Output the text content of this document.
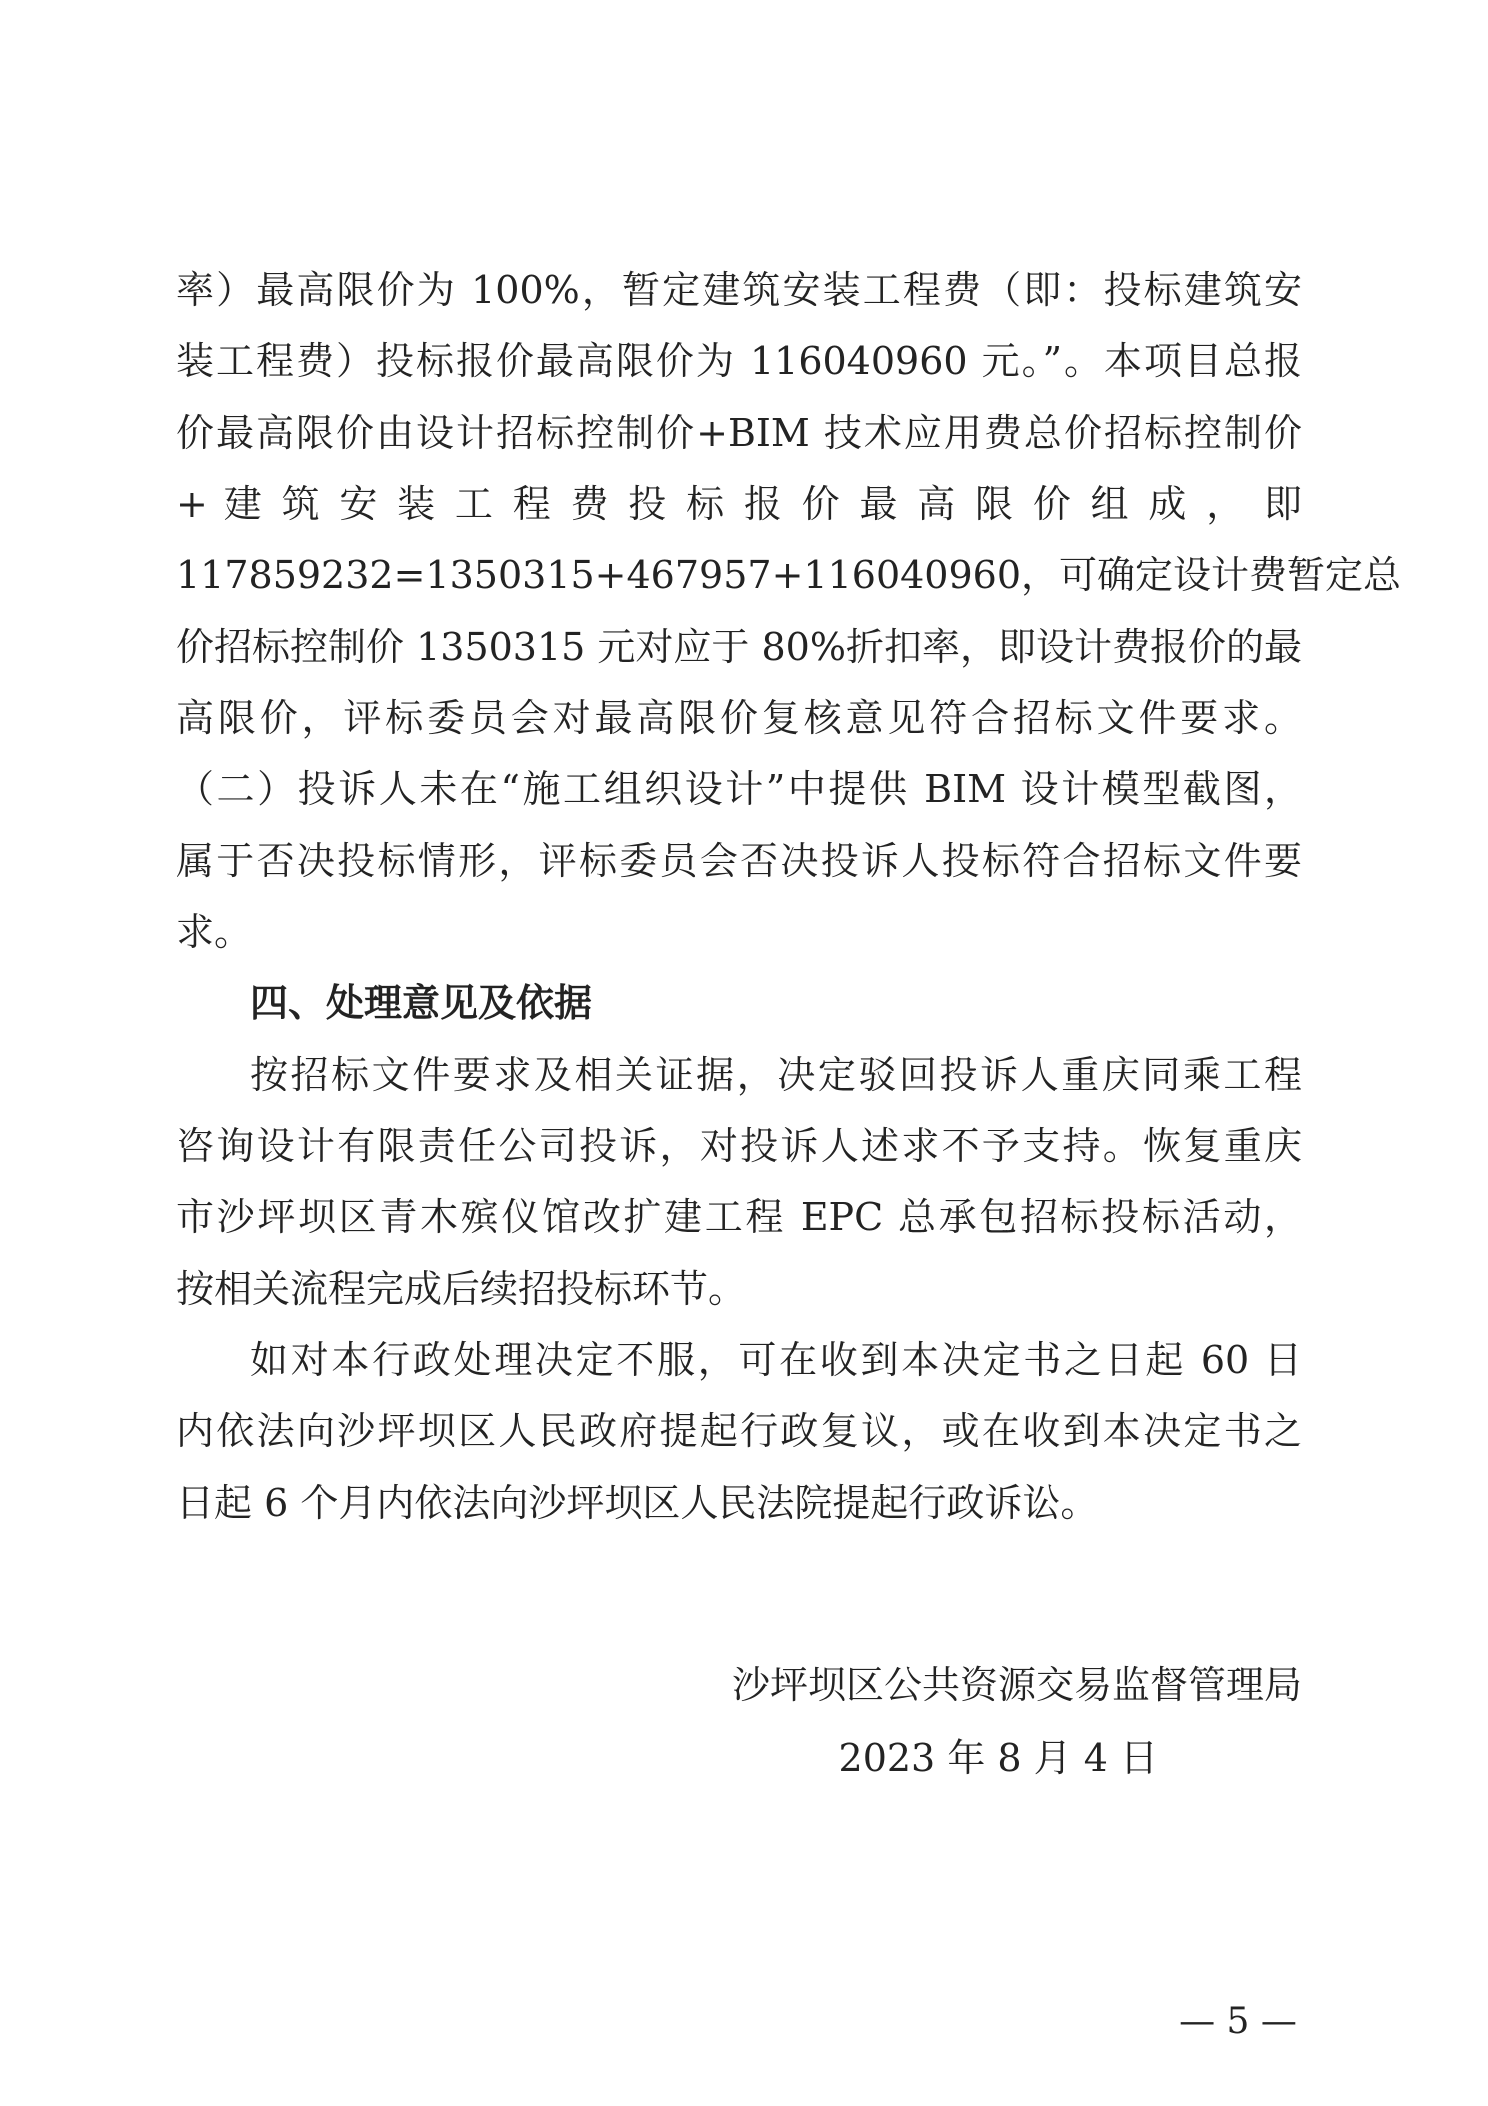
率）最高限价为 100%，暂定建筑安装工程费（即：投标建筑安
装工程费）投标报价最高限价为 116040960 元。”。本项目总报
价最高限价由设计招标控制价+BIM 技术应用费总价招标控制价
+ 建 筑 安 装 工 程 费 投 标 报 价 最 高 限 价 组 成 ， 即
117859232=1350315+467957+116040960，可确定设计费暂定总
价招标控制价 1350315 元对应于 80%折扣率，即设计费报价的最
高限价，评标委员会对最高限价复核意见符合招标文件要求。
（二）投诉人未在“施工组织设计”中提供 BIM 设计模型截图，
属于否决投标情形，评标委员会否决投诉人投标符合招标文件要
求。
四、处理意见及依据
按招标文件要求及相关证据，决定驳回投诉人重庆同乘工程
咨询设计有限责任公司投诉，对投诉人述求不予支持。恢复重庆
市沙坪坝区青木殡仪馆改扩建工程 EPC 总承包招标投标活动，
按相关流程完成后续招投标环节。
如对本行政处理决定不服，可在收到本决定书之日起 60 日
内依法向沙坪坝区人民政府提起行政复议，或在收到本决定书之
日起 6 个月内依法向沙坪坝区人民法院提起行政诉讼。
沙坪坝区公共资源交易监督管理局
2023 年 8 月 4 日
— 5 —
